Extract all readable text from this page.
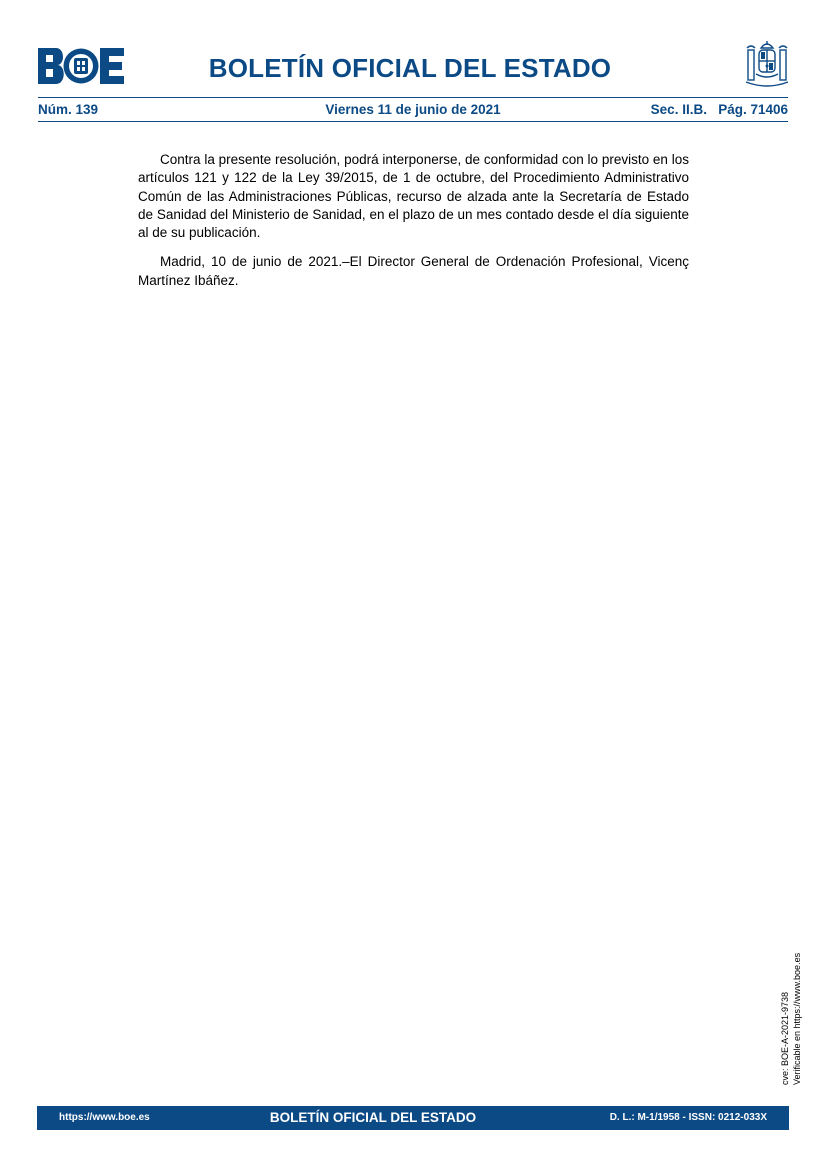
BOLETÍN OFICIAL DEL ESTADO
Núm. 139	Viernes 11 de junio de 2021	Sec. II.B.   Pág. 71406

Contra la presente resolución, podrá interponerse, de conformidad con lo previsto en los artículos 121 y 122 de la Ley 39/2015, de 1 de octubre, del Procedimiento Administrativo Común de las Administraciones Públicas, recurso de alzada ante la Secretaría de Estado de Sanidad del Ministerio de Sanidad, en el plazo de un mes contado desde el día siguiente al de su publicación.

Madrid, 10 de junio de 2021.–El Director General de Ordenación Profesional, Vicenç Martínez Ibáñez.

cve: BOE-A-2021-9738 Verificable en https://www.boe.es
https://www.boe.es	BOLETÍN OFICIAL DEL ESTADO	D. L.: M-1/1958 - ISSN: 0212-033X
